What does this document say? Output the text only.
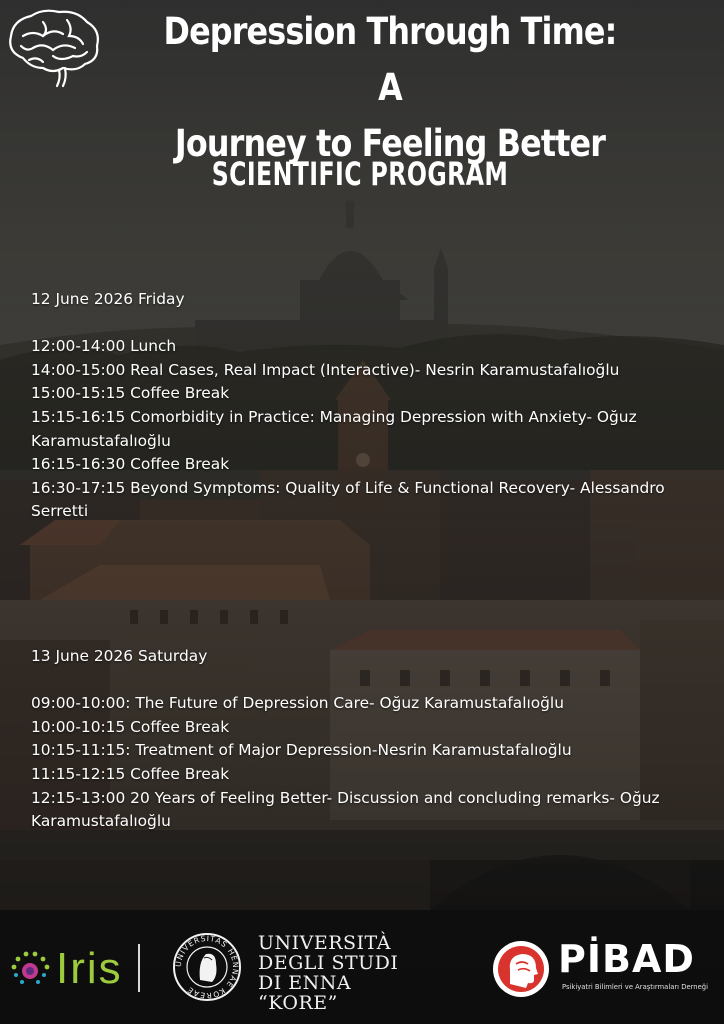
Depression Through Time: A
Journey to Feeling Better
SCIENTIFIC PROGRAM
12 June 2026 Friday
12:00-14:00 Lunch
14:00-15:00 Real Cases, Real Impact (Interactive)- Nesrin Karamustafalıoğlu
15:00-15:15 Coffee Break
15:15-16:15 Comorbidity in Practice: Managing Depression with Anxiety- Oğuz Karamustafalıoğlu
16:15-16:30 Coffee Break
16:30-17:15 Beyond Symptoms: Quality of Life & Functional Recovery- Alessandro Serretti
13 June 2026 Saturday
09:00-10:00: The Future of Depression Care- Oğuz Karamustafalıoğlu
10:00-10:15 Coffee Break
10:15-11:15: Treatment of Major Depression-Nesrin Karamustafalıoğlu
11:15-12:15 Coffee Break
12:15-13:00 20 Years of Feeling Better- Discussion and concluding remarks- Oğuz Karamustafalıoğlu
Iris	UNIVERSITAS HENNAE KOREAE
UNIVERSITÀ
DEGLI STUDI
DI ENNA “KORE”
PİBAD
Psikiyatri Bilimleri ve Araştırmaları Derneği
